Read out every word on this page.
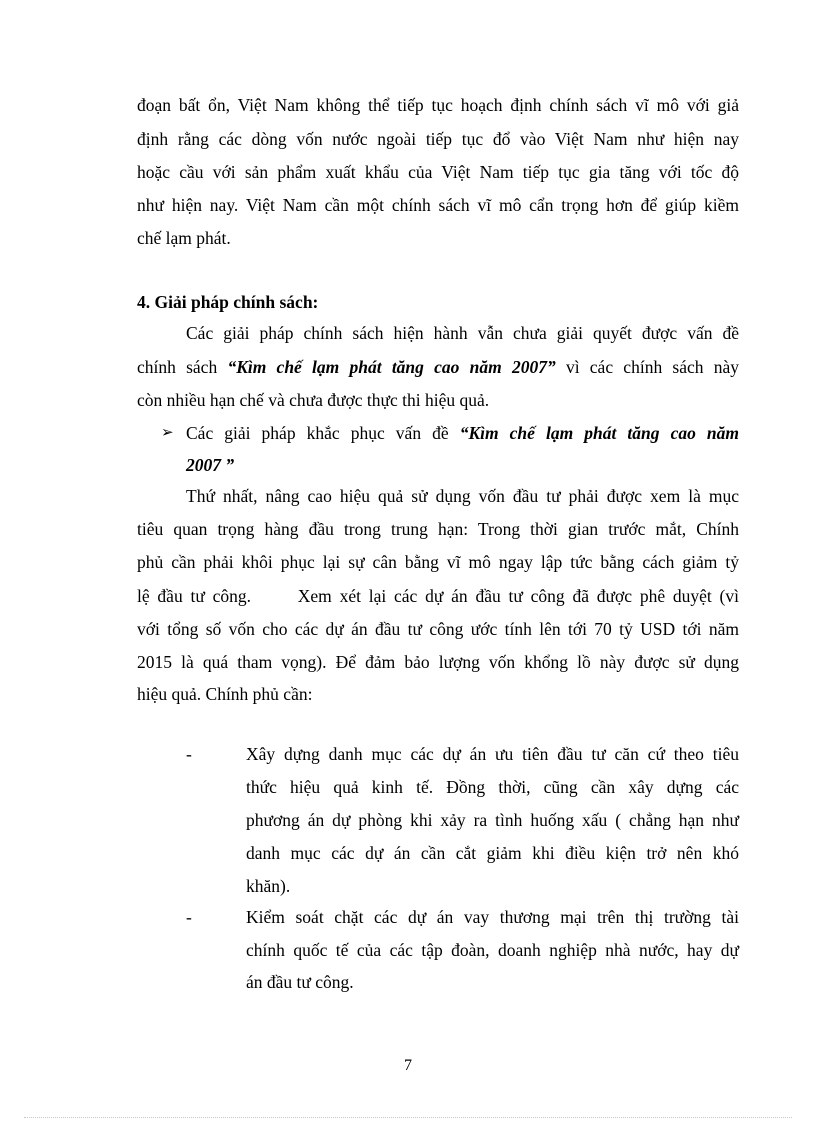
đoạn bất ổn, Việt Nam không thể tiếp tục hoạch định chính sách vĩ mô với giả
định rằng các dòng vốn nước ngoài tiếp tục đổ vào Việt Nam như hiện nay
hoặc cầu với sản phẩm xuất khẩu của Việt Nam tiếp tục gia tăng với tốc độ
như hiện nay. Việt Nam cần một chính sách vĩ mô cẩn trọng hơn để giúp kiềm
chế lạm phát.
4. Giải pháp chính sách:
Các giải pháp chính sách hiện hành vẫn chưa giải quyết được vấn đề
chính sách “Kìm chế lạm phát tăng cao năm 2007” vì các chính sách này
còn nhiều hạn chế và chưa được thực thi hiệu quả.
➢ Các giải pháp khắc phục vấn đề “Kìm chế lạm phát tăng cao năm
2007 ”
Thứ nhất, nâng cao hiệu quả sử dụng vốn đầu tư phải được xem là mục
tiêu quan trọng hàng đầu trong trung hạn: Trong thời gian trước mắt, Chính
phủ cần phải khôi phục lại sự cân bằng vĩ mô ngay lập tức bằng cách giảm tỷ
lệ đầu tư công.      Xem xét lại các dự án đầu tư công đã được phê duyệt (vì
với tổng số vốn cho các dự án đầu tư công ước tính lên tới 70 tỷ USD tới năm
2015 là quá tham vọng). Để đảm bảo lượng vốn khổng lồ này được sử dụng
hiệu quả. Chính phủ cần:
-	Xây dựng danh mục các dự án ưu tiên đầu tư căn cứ theo tiêu
thức hiệu quả kinh tế. Đồng thời, cũng cần xây dựng các
phương án dự phòng khi xảy ra tình huống xấu ( chẳng hạn như
danh mục các dự án cần cắt giảm khi điều kiện trở nên khó
khăn).
-	Kiểm soát chặt các dự án vay thương mại trên thị trường tài
chính quốc tế của các tập đoàn, doanh nghiệp nhà nước, hay dự
án đầu tư công.
7
